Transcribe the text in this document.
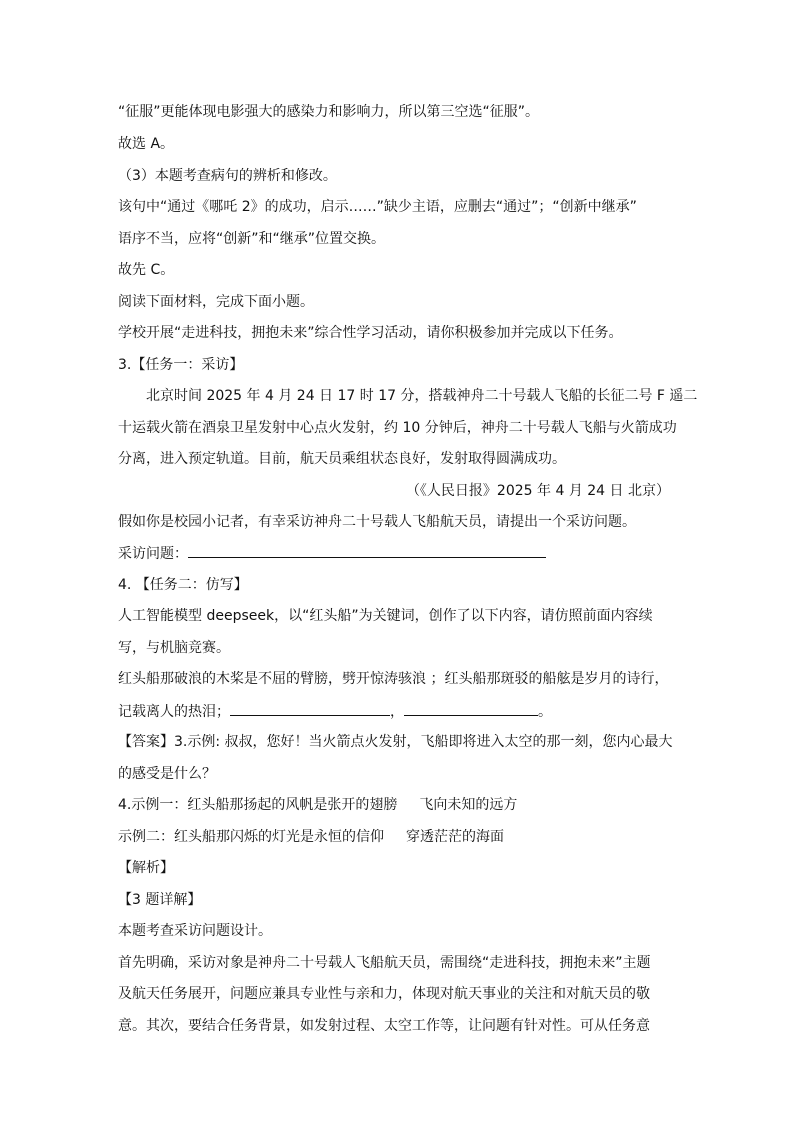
“征服”更能体现电影强大的感染力和影响力，所以第三空选“征服”。
故选 A。
（3）本题考查病句的辨析和修改。
该句中“通过《哪吒 2》的成功，启示……”缺少主语，应删去“通过”；“创新中继承”
语序不当，应将“创新”和“继承”位置交换。
故先 C。
阅读下面材料，完成下面小题。
学校开展“走进科技，拥抱未来”综合性学习活动，请你积极参加并完成以下任务。
3.【任务一：采访】
北京时间 2025 年 4 月 24 日 17 时 17 分，搭载神舟二十号载人飞船的长征二号 F 遥二
十运载火箭在酒泉卫星发射中心点火发射，约 10 分钟后，神舟二十号载人飞船与火箭成功
分离，进入预定轨道。目前，航天员乘组状态良好，发射取得圆满成功。
（《人民日报》2025 年 4 月 24 日 北京）
假如你是校园小记者，有幸采访神舟二十号载人飞船航天员，请提出一个采访问题。
采访问题：
4. 【任务二：仿写】
人工智能模型 deepseek，以“红头船”为关键词，创作了以下内容，请仿照前面内容续
写，与机脑竞赛。
红头船那破浪的木桨是不屈的臂膀，劈开惊涛骇浪 ；红头船那斑驳的船舷是岁月的诗行，
记载离人的热泪；	，	。
【答案】3.示例: 叔叔，您好！当火箭点火发射，飞船即将进入太空的那一刻，您内心最大
的感受是什么？
4.示例一：红头船那扬起的风帆是张开的翅膀 飞向未知的远方
示例二：红头船那闪烁的灯光是永恒的信仰 穿透茫茫的海面
【解析】
【3 题详解】
本题考查采访问题设计。
首先明确，采访对象是神舟二十号载人飞船航天员，需围绕“走进科技，拥抱未来”主题
及航天任务展开，问题应兼具专业性与亲和力，体现对航天事业的关注和对航天员的敬
意。其次，要结合任务背景，如发射过程、太空工作等，让问题有针对性。可从任务意
